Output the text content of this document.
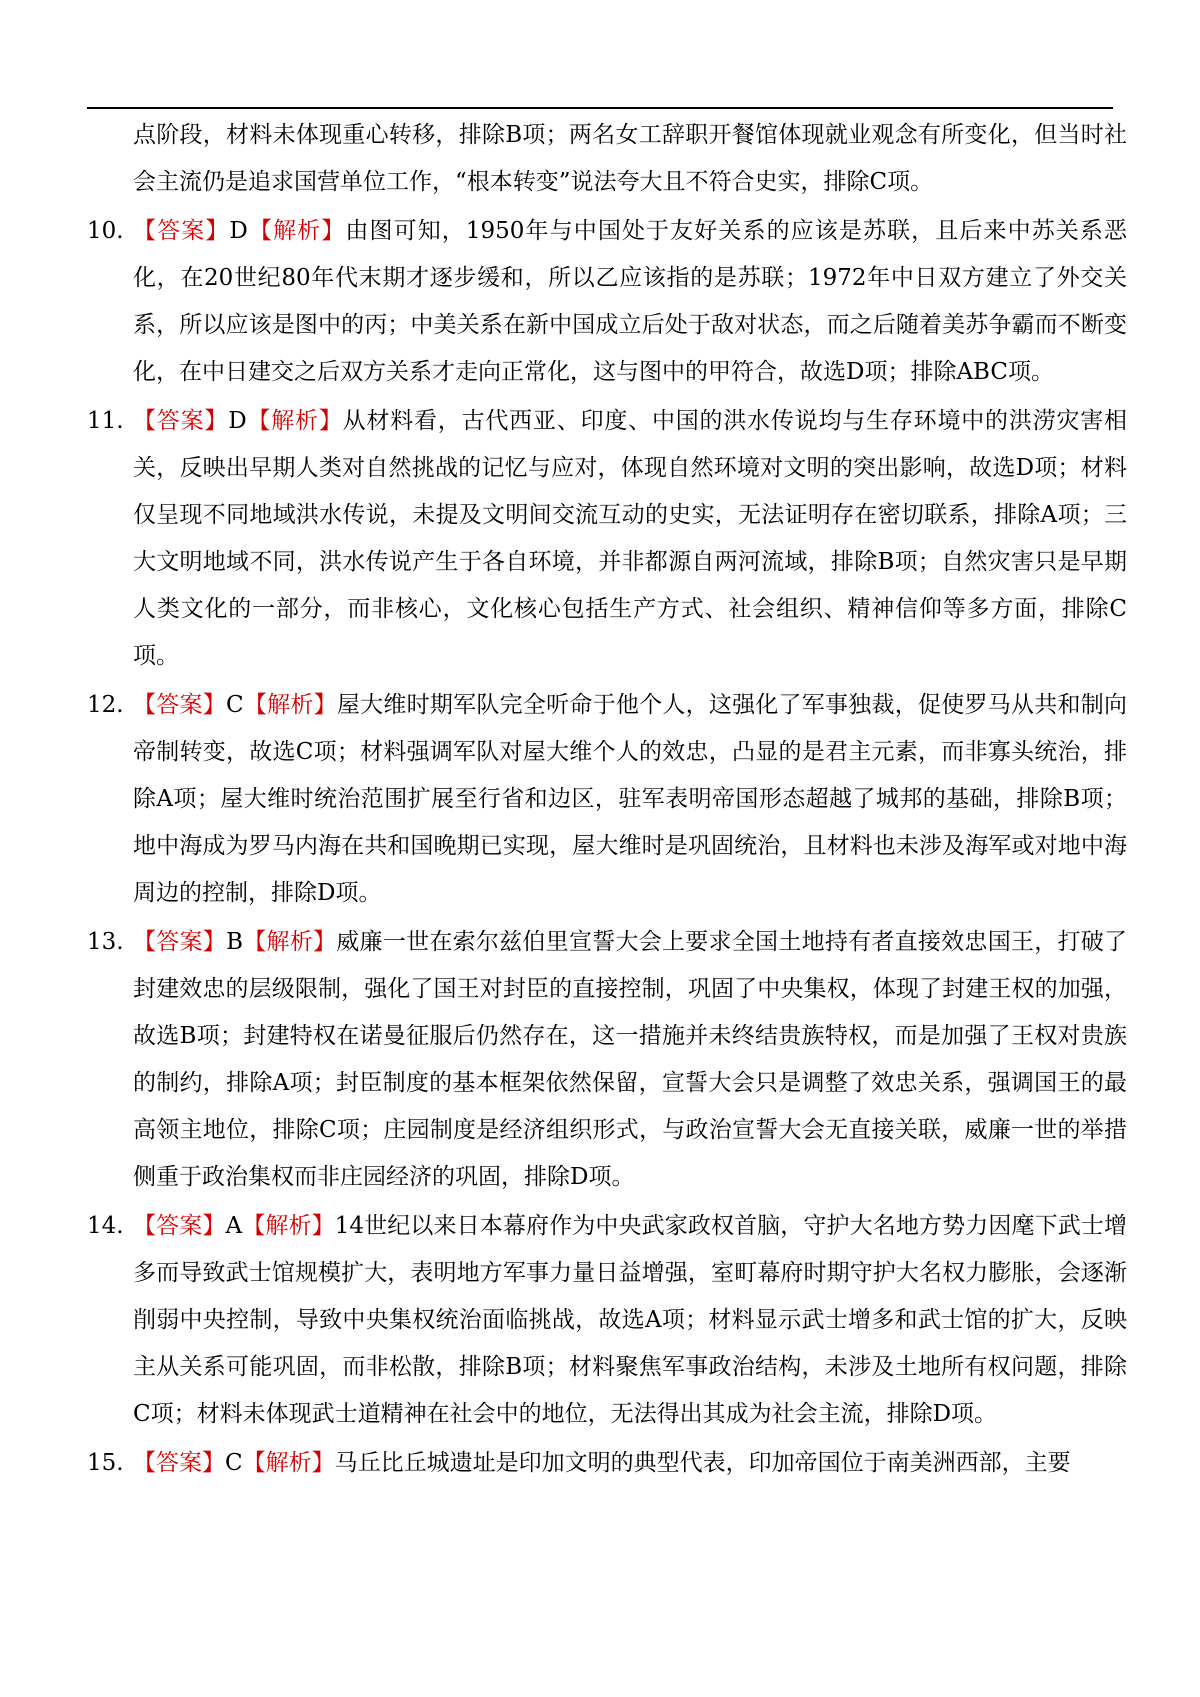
点阶段，材料未体现重心转移，排除B项；两名女工辞职开餐馆体现就业观念有所变化，但当时社会主流仍是追求国营单位工作，“根本转变”说法夸大且不符合史实，排除C项。

10. 【答案】D【解析】由图可知，1950年与中国处于友好关系的应该是苏联，且后来中苏关系恶化，在20世纪80年代末期才逐步缓和，所以乙应该指的是苏联；1972年中日双方建立了外交关系，所以应该是图中的丙；中美关系在新中国成立后处于敌对状态，而之后随着美苏争霸而不断变化，在中日建交之后双方关系才走向正常化，这与图中的甲符合，故选D项；排除ABC项。
11. 【答案】D【解析】从材料看，古代西亚、印度、中国的洪水传说均与生存环境中的洪涝灾害相关，反映出早期人类对自然挑战的记忆与应对，体现自然环境对文明的突出影响，故选D项；材料仅呈现不同地域洪水传说，未提及文明间交流互动的史实，无法证明存在密切联系，排除A项；三大文明地域不同，洪水传说产生于各自环境，并非都源自两河流域，排除B项；自然灾害只是早期人类文化的一部分，而非核心，文化核心包括生产方式、社会组织、精神信仰等多方面，排除C项。
12. 【答案】C【解析】屋大维时期军队完全听命于他个人，这强化了军事独裁，促使罗马从共和制向帝制转变，故选C项；材料强调军队对屋大维个人的效忠，凸显的是君主元素，而非寡头统治，排除A项；屋大维时统治范围扩展至行省和边区，驻军表明帝国形态超越了城邦的基础，排除B项；地中海成为罗马内海在共和国晚期已实现，屋大维时是巩固统治，且材料也未涉及海军或对地中海周边的控制，排除D项。
13. 【答案】B【解析】威廉一世在索尔兹伯里宣誓大会上要求全国土地持有者直接效忠国王，打破了封建效忠的层级限制，强化了国王对封臣的直接控制，巩固了中央集权，体现了封建王权的加强，故选B项；封建特权在诺曼征服后仍然存在，这一措施并未终结贵族特权，而是加强了王权对贵族的制约，排除A项；封臣制度的基本框架依然保留，宣誓大会只是调整了效忠关系，强调国王的最高领主地位，排除C项；庄园制度是经济组织形式，与政治宣誓大会无直接关联，威廉一世的举措侧重于政治集权而非庄园经济的巩固，排除D项。
14. 【答案】A【解析】14世纪以来日本幕府作为中央武家政权首脑，守护大名地方势力因麾下武士增多而导致武士馆规模扩大，表明地方军事力量日益增强，室町幕府时期守护大名权力膨胀，会逐渐削弱中央控制，导致中央集权统治面临挑战，故选A项；材料显示武士增多和武士馆的扩大，反映主从关系可能巩固，而非松散，排除B项；材料聚焦军事政治结构，未涉及土地所有权问题，排除C项；材料未体现武士道精神在社会中的地位，无法得出其成为社会主流，排除D项。
15. 【答案】C【解析】马丘比丘城遗址是印加文明的典型代表，印加帝国位于南美洲西部，主要
